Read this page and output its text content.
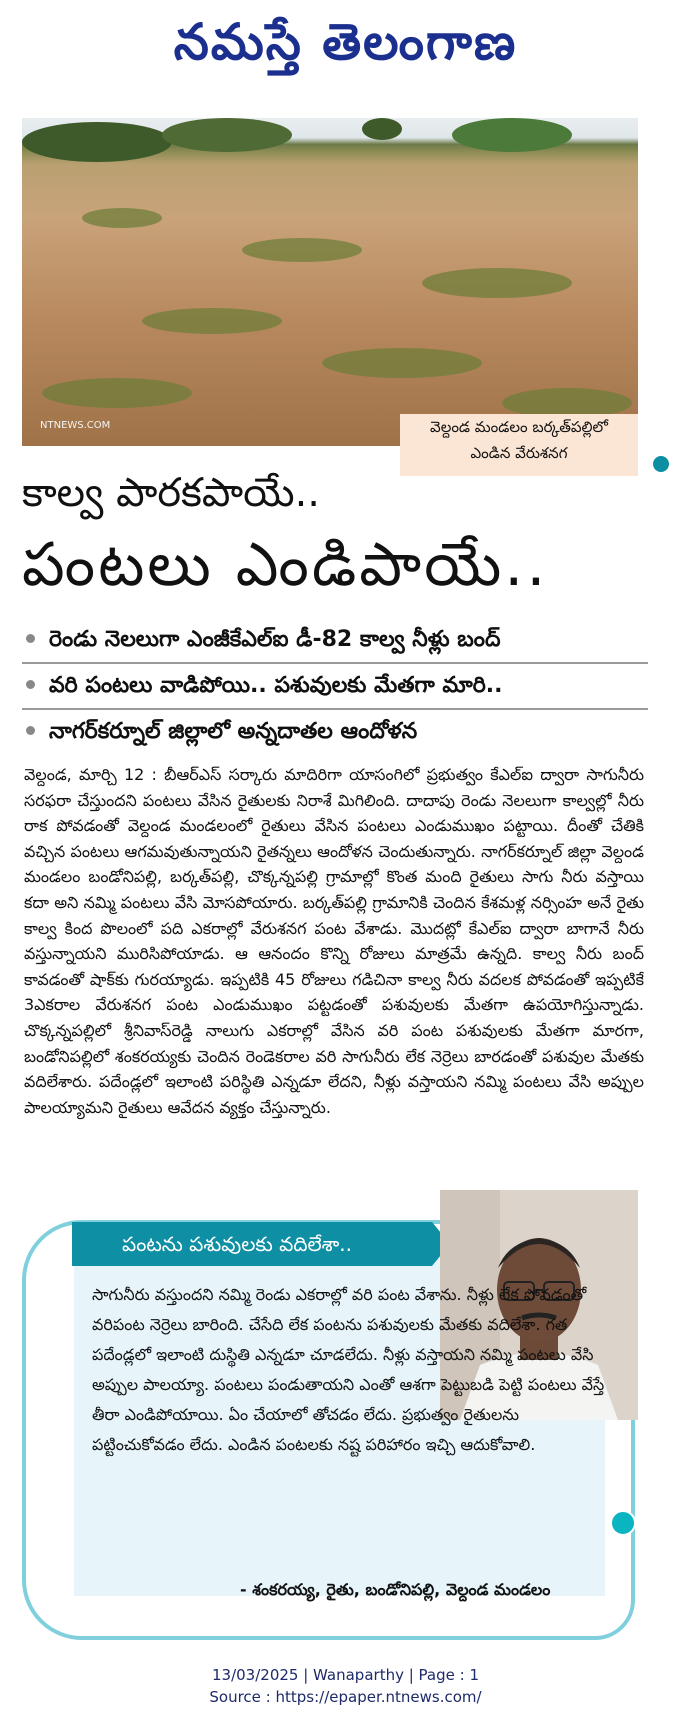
నమస్తే తెలంగాణ
NTNEWS.COM	వెల్దండ మండలం బర్కత్‌పల్లిలో
ఎండిన వేరుశనగ
కాల్వ పారకపాయే..
పంటలు ఎండిపాయే..
రెండు నెలలుగా ఎంజీకేఎల్‌ఐ డీ-82 కాల్వ నీళ్లు బంద్
వరి పంటలు వాడిపోయి.. పశువులకు మేతగా మారి..
నాగర్‌కర్నూల్ జిల్లాలో అన్నదాతల ఆందోళన
వెల్దండ, మార్చి 12 : బీఆర్‌ఎస్ సర్కారు మాదిరిగా యాసంగిలో ప్రభుత్వం కేఎల్‌ఐ ద్వారా సాగునీరు సరఫరా చేస్తుందని పంటలు వేసిన రైతులకు నిరాశే మిగిలింది. దాదాపు రెండు నెలలుగా కాల్వల్లో నీరు రాక పోవడంతో వెల్దండ మండలంలో రైతులు వేసిన పంటలు ఎండుముఖం పట్టాయి. దీంతో చేతికి వచ్చిన పంటలు ఆగమవుతున్నాయని రైతన్నలు ఆందోళన చెందుతున్నారు. నాగర్‌కర్నూల్ జిల్లా వెల్దండ మండలం బండోనిపల్లి, బర్కత్‌పల్లి, చొక్కన్నపల్లి గ్రామాల్లో కొంత మంది రైతులు సాగు నీరు వస్తాయి కదా అని నమ్మి పంటలు వేసి మోసపోయారు. బర్కత్‌పల్లి గ్రామానికి చెందిన కేశమళ్ల నర్సింహ అనే రైతు కాల్వ కింద పొలంలో పది ఎకరాల్లో వేరుశనగ పంట వేశాడు. మొదట్లో కేఎల్‌ఐ ద్వారా బాగానే నీరు వస్తున్నాయని మురిసిపోయాడు. ఆ ఆనందం కొన్ని రోజులు మాత్రమే ఉన్నది. కాల్వ నీరు బంద్ కావడంతో షాక్‌కు గురయ్యాడు. ఇప్పటికి 45 రోజులు గడిచినా కాల్వ నీరు వదలక పోవడంతో ఇప్పటికే 3ఎకరాల వేరుశనగ పంట ఎండుముఖం పట్టడంతో పశువులకు మేతగా ఉపయోగిస్తున్నాడు. చొక్కన్నపల్లిలో శ్రీనివాస్‌రెడ్డి నాలుగు ఎకరాల్లో వేసిన వరి పంట పశువులకు మేతగా మారగా, బండోనిపల్లిలో శంకరయ్యకు చెందిన రెండెకరాల వరి సాగునీరు లేక నెర్రెలు బారడంతో పశువుల మేతకు వదిలేశారు. పదేండ్లలో ఇలాంటి పరిస్థితి ఎన్నడూ లేదని, నీళ్లు వస్తాయని నమ్మి పంటలు వేసి అప్పుల పాలయ్యామని రైతులు ఆవేదన వ్యక్తం చేస్తున్నారు.
పంటను పశువులకు వదిలేశా..
సాగునీరు వస్తుందని నమ్మి రెండు ఎకరాల్లో వరి పంట వేశాను. నీళ్లు లేక పోవడంతో వరిపంట నెర్రెలు బారింది. చేసేది లేక పంటను పశువులకు మేతకు వదిలేశా. గత పదేండ్లలో ఇలాంటి దుస్థితి ఎన్నడూ చూడలేదు. నీళ్లు వస్తాయని నమ్మి పంటలు వేసి అప్పుల పాలయ్యా. పంటలు పండుతాయని ఎంతో ఆశగా పెట్టుబడి పెట్టి పంటలు వేస్తే తీరా ఎండిపోయాయి. ఏం చేయాలో తోచడం లేదు. ప్రభుత్వం రైతులను పట్టించుకోవడం లేదు. ఎండిన పంటలకు నష్ట పరిహారం ఇచ్చి ఆదుకోవాలి.
- శంకరయ్య, రైతు, బండోనిపల్లి, వెల్దండ మండలం
13/03/2025 | Wanaparthy | Page : 1
Source : https://epaper.ntnews.com/
